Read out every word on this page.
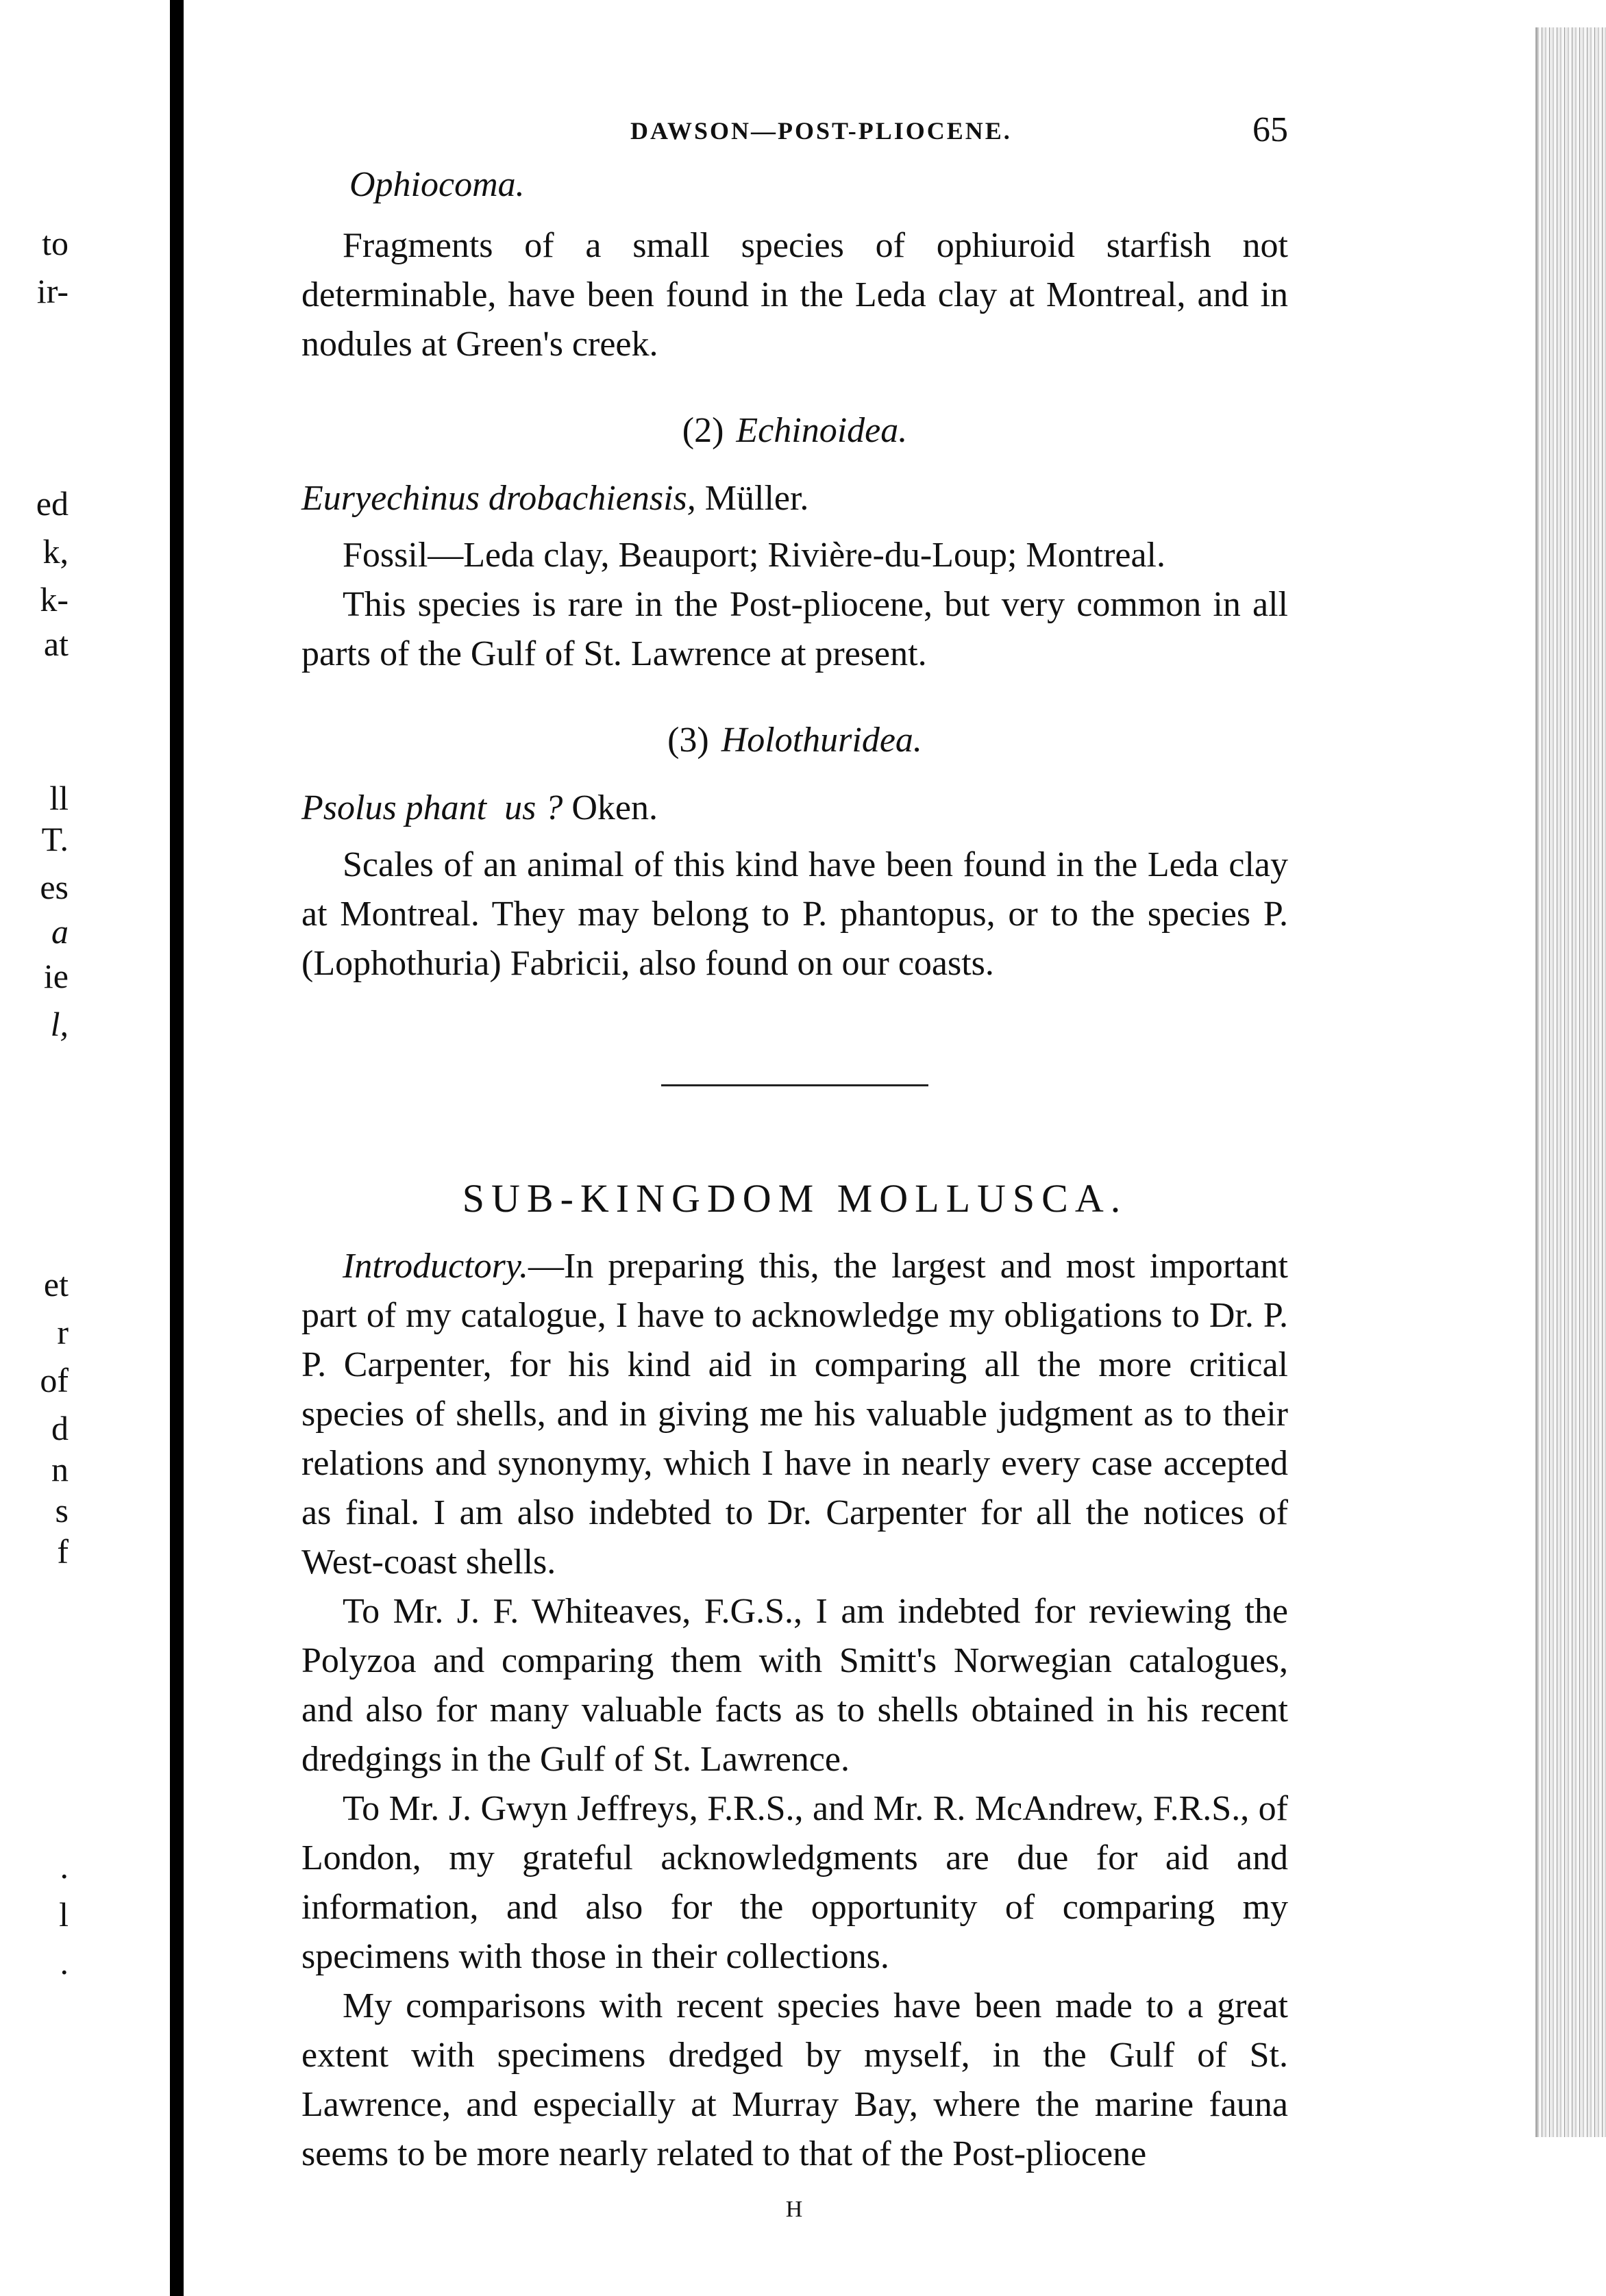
to
ir-
ed
k,
k-
at
ll
T.
es
a
ie
l,
et
r
of
d
n
s
f
.
l
.
DAWSON—POST-PLIOCENE.	65
Ophiocoma.

Fragments of a small species of ophiuroid starfish not determinable, have been found in the Leda clay at Montreal, and in nodules at Green's creek.

(2) Echinoidea.
Euryechinus drobachiensis, Müller.

Fossil—Leda clay, Beauport; Rivière-du-Loup; Montreal.

This species is rare in the Post-pliocene, but very common in all parts of the Gulf of St. Lawrence at present.

(3) Holothuridea.
Psolus phant  us ? Oken.

Scales of an animal of this kind have been found in the Leda clay at Montreal. They may belong to P. phantopus, or to the species P. (Lophothuria) Fabricii, also found on our coasts.

SUB-KINGDOM MOLLUSCA.

Introductory.—In preparing this, the largest and most important part of my catalogue, I have to acknowledge my obligations to Dr. P. P. Carpenter, for his kind aid in comparing all the more critical species of shells, and in giving me his valuable judgment as to their relations and synonymy, which I have in nearly every case accepted as final. I am also indebted to Dr. Carpenter for all the notices of West-coast shells.

To Mr. J. F. Whiteaves, F.G.S., I am indebted for reviewing the Polyzoa and comparing them with Smitt's Norwegian catalogues, and also for many valuable facts as to shells obtained in his recent dredgings in the Gulf of St. Lawrence.

To Mr. J. Gwyn Jeffreys, F.R.S., and Mr. R. McAndrew, F.R.S., of London, my grateful acknowledgments are due for aid and information, and also for the opportunity of comparing my specimens with those in their collections.

My comparisons with recent species have been made to a great extent with specimens dredged by myself, in the Gulf of St. Lawrence, and especially at Murray Bay, where the marine fauna seems to be more nearly related to that of the Post-pliocene

H
